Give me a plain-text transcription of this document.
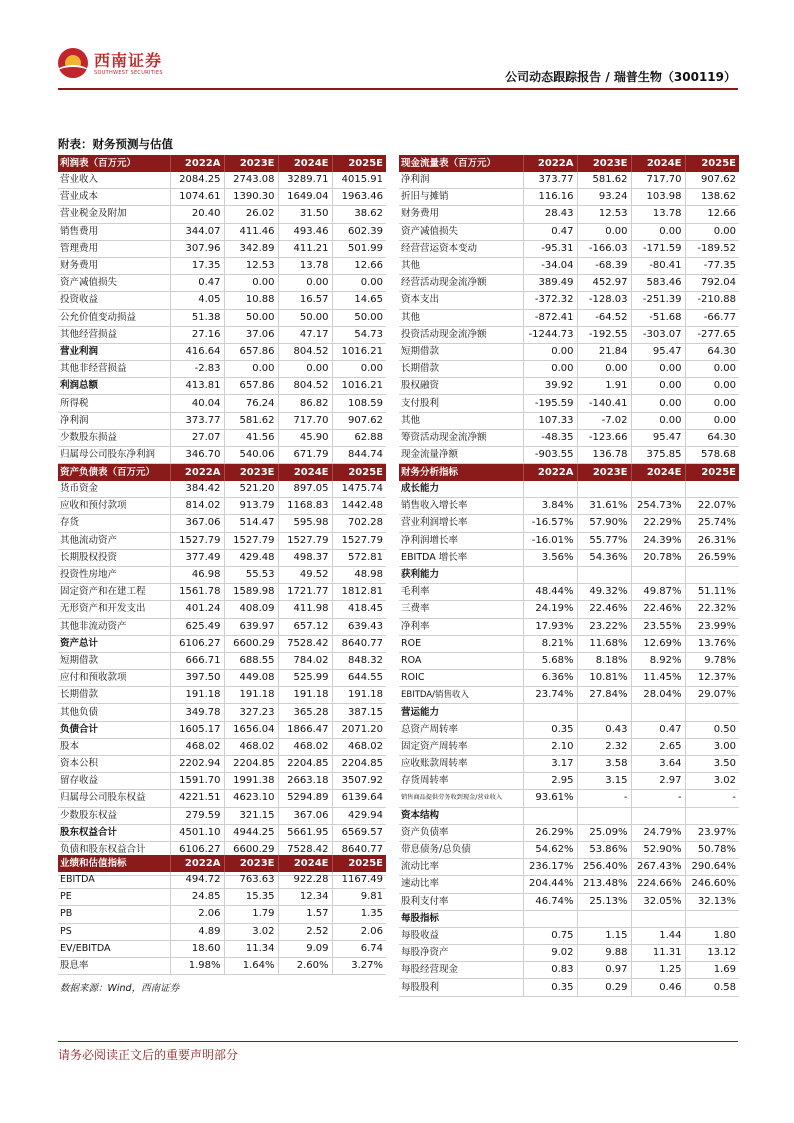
西南证券
SOUTHWEST SECURITIES	公司动态跟踪报告 / 瑞普生物（300119）
附表：财务预测与估值
利润表（百万元）	2022A	2023E	2024E	2025E
营业收入	2084.25	2743.08	3289.71	4015.91
营业成本	1074.61	1390.30	1649.04	1963.46
营业税金及附加	20.40	26.02	31.50	38.62
销售费用	344.07	411.46	493.46	602.39
管理费用	307.96	342.89	411.21	501.99
财务费用	17.35	12.53	13.78	12.66
资产减值损失	0.47	0.00	0.00	0.00
投资收益	4.05	10.88	16.57	14.65
公允价值变动损益	51.38	50.00	50.00	50.00
其他经营损益	27.16	37.06	47.17	54.73
营业利润	416.64	657.86	804.52	1016.21
其他非经营损益	-2.83	0.00	0.00	0.00
利润总额	413.81	657.86	804.52	1016.21
所得税	40.04	76.24	86.82	108.59
净利润	373.77	581.62	717.70	907.62
少数股东损益	27.07	41.56	45.90	62.88
归属母公司股东净利润	346.70	540.06	671.79	844.74
现金流量表（百万元）	2022A	2023E	2024E	2025E
净利润	373.77	581.62	717.70	907.62
折旧与摊销	116.16	93.24	103.98	138.62
财务费用	28.43	12.53	13.78	12.66
资产减值损失	0.47	0.00	0.00	0.00
经营营运资本变动	-95.31	-166.03	-171.59	-189.52
其他	-34.04	-68.39	-80.41	-77.35
经营活动现金流净额	389.49	452.97	583.46	792.04
资本支出	-372.32	-128.03	-251.39	-210.88
其他	-872.41	-64.52	-51.68	-66.77
投资活动现金流净额	-1244.73	-192.55	-303.07	-277.65
短期借款	0.00	21.84	95.47	64.30
长期借款	0.00	0.00	0.00	0.00
股权融资	39.92	1.91	0.00	0.00
支付股利	-195.59	-140.41	0.00	0.00
其他	107.33	-7.02	0.00	0.00
筹资活动现金流净额	-48.35	-123.66	95.47	64.30
现金流量净额	-903.55	136.78	375.85	578.68
资产负债表（百万元）	2022A	2023E	2024E	2025E
货币资金	384.42	521.20	897.05	1475.74
应收和预付款项	814.02	913.79	1168.83	1442.48
存货	367.06	514.47	595.98	702.28
其他流动资产	1527.79	1527.79	1527.79	1527.79
长期股权投资	377.49	429.48	498.37	572.81
投资性房地产	46.98	55.53	49.52	48.98
固定资产和在建工程	1561.78	1589.98	1721.77	1812.81
无形资产和开发支出	401.24	408.09	411.98	418.45
其他非流动资产	625.49	639.97	657.12	639.43
资产总计	6106.27	6600.29	7528.42	8640.77
短期借款	666.71	688.55	784.02	848.32
应付和预收款项	397.50	449.08	525.99	644.55
长期借款	191.18	191.18	191.18	191.18
其他负债	349.78	327.23	365.28	387.15
负债合计	1605.17	1656.04	1866.47	2071.20
股本	468.02	468.02	468.02	468.02
资本公积	2202.94	2204.85	2204.85	2204.85
留存收益	1591.70	1991.38	2663.18	3507.92
归属母公司股东权益	4221.51	4623.10	5294.89	6139.64
少数股东权益	279.59	321.15	367.06	429.94
股东权益合计	4501.10	4944.25	5661.95	6569.57
负债和股东权益合计	6106.27	6600.29	7528.42	8640.77

财务分析指标	2022A	2023E	2024E	2025E
成长能力				
销售收入增长率	3.84%	31.61%	254.73%	22.07%
营业利润增长率	-16.57%	57.90%	22.29%	25.74%
净利润增长率	-16.01%	55.77%	24.39%	26.31%
EBITDA 增长率	3.56%	54.36%	20.78%	26.59%
获利能力				
毛利率	48.44%	49.32%	49.87%	51.11%
三费率	24.19%	22.46%	22.46%	22.32%
净利率	17.93%	23.22%	23.55%	23.99%
ROE	8.21%	11.68%	12.69%	13.76%
ROA	5.68%	8.18%	8.92%	9.78%
ROIC	6.36%	10.81%	11.45%	12.37%
EBITDA/销售收入	23.74%	27.84%	28.04%	29.07%
营运能力				
总资产周转率	0.35	0.43	0.47	0.50
固定资产周转率	2.10	2.32	2.65	3.00
应收账款周转率	3.17	3.58	3.64	3.50
存货周转率	2.95	3.15	2.97	3.02
销售商品提供劳务收到现金/营业收入	93.61%	-	-	-
资本结构				
资产负债率	26.29%	25.09%	24.79%	23.97%
带息债务/总负债	54.62%	53.86%	52.90%	50.78%
流动比率	236.17%	256.40%	267.43%	290.64%
速动比率	204.44%	213.48%	224.66%	246.60%
股利支付率	46.74%	25.13%	32.05%	32.13%
每股指标				
每股收益	0.75	1.15	1.44	1.80
每股净资产	9.02	9.88	11.31	13.12
每股经营现金	0.83	0.97	1.25	1.69
每股股利	0.35	0.29	0.46	0.58
业绩和估值指标	2022A	2023E	2024E	2025E
EBITDA	494.72	763.63	922.28	1167.49
PE	24.85	15.35	12.34	9.81
PB	2.06	1.79	1.57	1.35
PS	4.89	3.02	2.52	2.06
EV/EBITDA	18.60	11.34	9.09	6.74
股息率	1.98%	1.64%	2.60%	3.27%
数据来源：Wind，西南证券
请务必阅读正文后的重要声明部分
